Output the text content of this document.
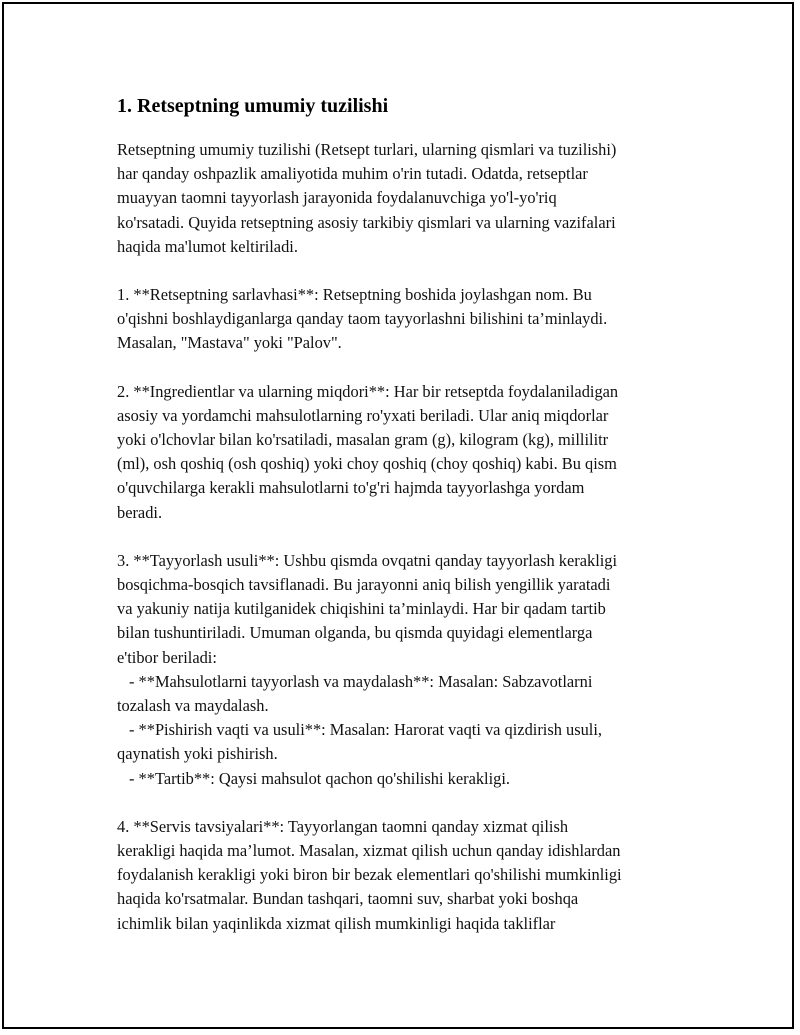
1. Retseptning umumiy tuzilishi
Retseptning umumiy tuzilishi (Retsept turlari, ularning qismlari va tuzilishi)
har qanday oshpazlik amaliyotida muhim o'rin tutadi. Odatda, retseptlar
muayyan taomni tayyorlash jarayonida foydalanuvchiga yo'l-yo'riq
ko'rsatadi. Quyida retseptning asosiy tarkibiy qismlari va ularning vazifalari
haqida ma'lumot keltiriladi.
1. **Retseptning sarlavhasi**: Retseptning boshida joylashgan nom. Bu
o'qishni boshlaydiganlarga qanday taom tayyorlashni bilishini ta’minlaydi.
Masalan, "Mastava" yoki "Palov".
2. **Ingredientlar va ularning miqdori**: Har bir retseptda foydalaniladigan
asosiy va yordamchi mahsulotlarning ro'yxati beriladi. Ular aniq miqdorlar
yoki o'lchovlar bilan ko'rsatiladi, masalan gram (g), kilogram (kg), millilitr
(ml), osh qoshiq (osh qoshiq) yoki choy qoshiq (choy qoshiq) kabi. Bu qism
o'quvchilarga kerakli mahsulotlarni to'g'ri hajmda tayyorlashga yordam
beradi.
3. **Tayyorlash usuli**: Ushbu qismda ovqatni qanday tayyorlash kerakligi
bosqichma-bosqich tavsiflanadi. Bu jarayonni aniq bilish yengillik yaratadi
va yakuniy natija kutilganidek chiqishini ta’minlaydi. Har bir qadam tartib
bilan tushuntiriladi. Umuman olganda, bu qismda quyidagi elementlarga
e'tibor beriladi:
- **Mahsulotlarni tayyorlash va maydalash**: Masalan: Sabzavotlarni
tozalash va maydalash.
- **Pishirish vaqti va usuli**: Masalan: Harorat vaqti va qizdirish usuli,
qaynatish yoki pishirish.
- **Tartib**: Qaysi mahsulot qachon qo'shilishi kerakligi.
4. **Servis tavsiyalari**: Tayyorlangan taomni qanday xizmat qilish
kerakligi haqida ma’lumot. Masalan, xizmat qilish uchun qanday idishlardan
foydalanish kerakligi yoki biron bir bezak elementlari qo'shilishi mumkinligi
haqida ko'rsatmalar. Bundan tashqari, taomni suv, sharbat yoki boshqa
ichimlik bilan yaqinlikda xizmat qilish mumkinligi haqida takliflar
